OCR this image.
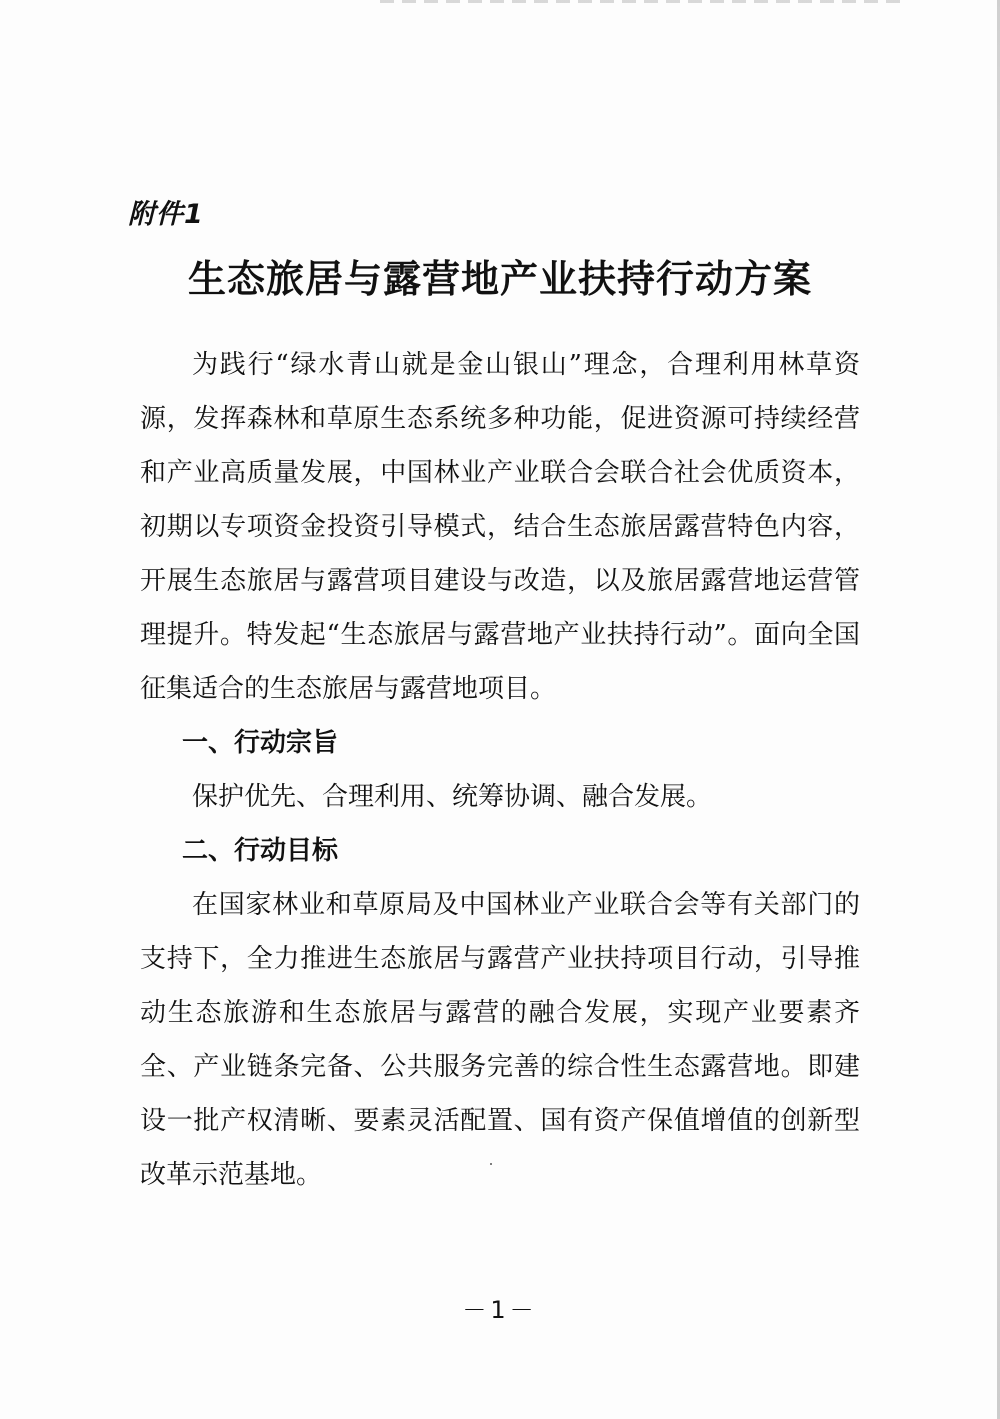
附件1
生态旅居与露营地产业扶持行动方案

为践行“绿水青山就是金山银山”理念，合理利用林草资源，发挥森林和草原生态系统多种功能，促进资源可持续经营和产业高质量发展，中国林业产业联合会联合社会优质资本，初期以专项资金投资引导模式，结合生态旅居露营特色内容，开展生态旅居与露营项目建设与改造，以及旅居露营地运营管理提升。特发起“生态旅居与露营地产业扶持行动”。面向全国征集适合的生态旅居与露营地项目。

一、行动宗旨

保护优先、合理利用、统筹协调、融合发展。

二、行动目标

在国家林业和草原局及中国林业产业联合会等有关部门的支持下，全力推进生态旅居与露营产业扶持项目行动，引导推动生态旅游和生态旅居与露营的融合发展，实现产业要素齐全、产业链条完备、公共服务完善的综合性生态露营地。即建设一批产权清晰、要素灵活配置、国有资产保值增值的创新型改革示范基地。

－1－
